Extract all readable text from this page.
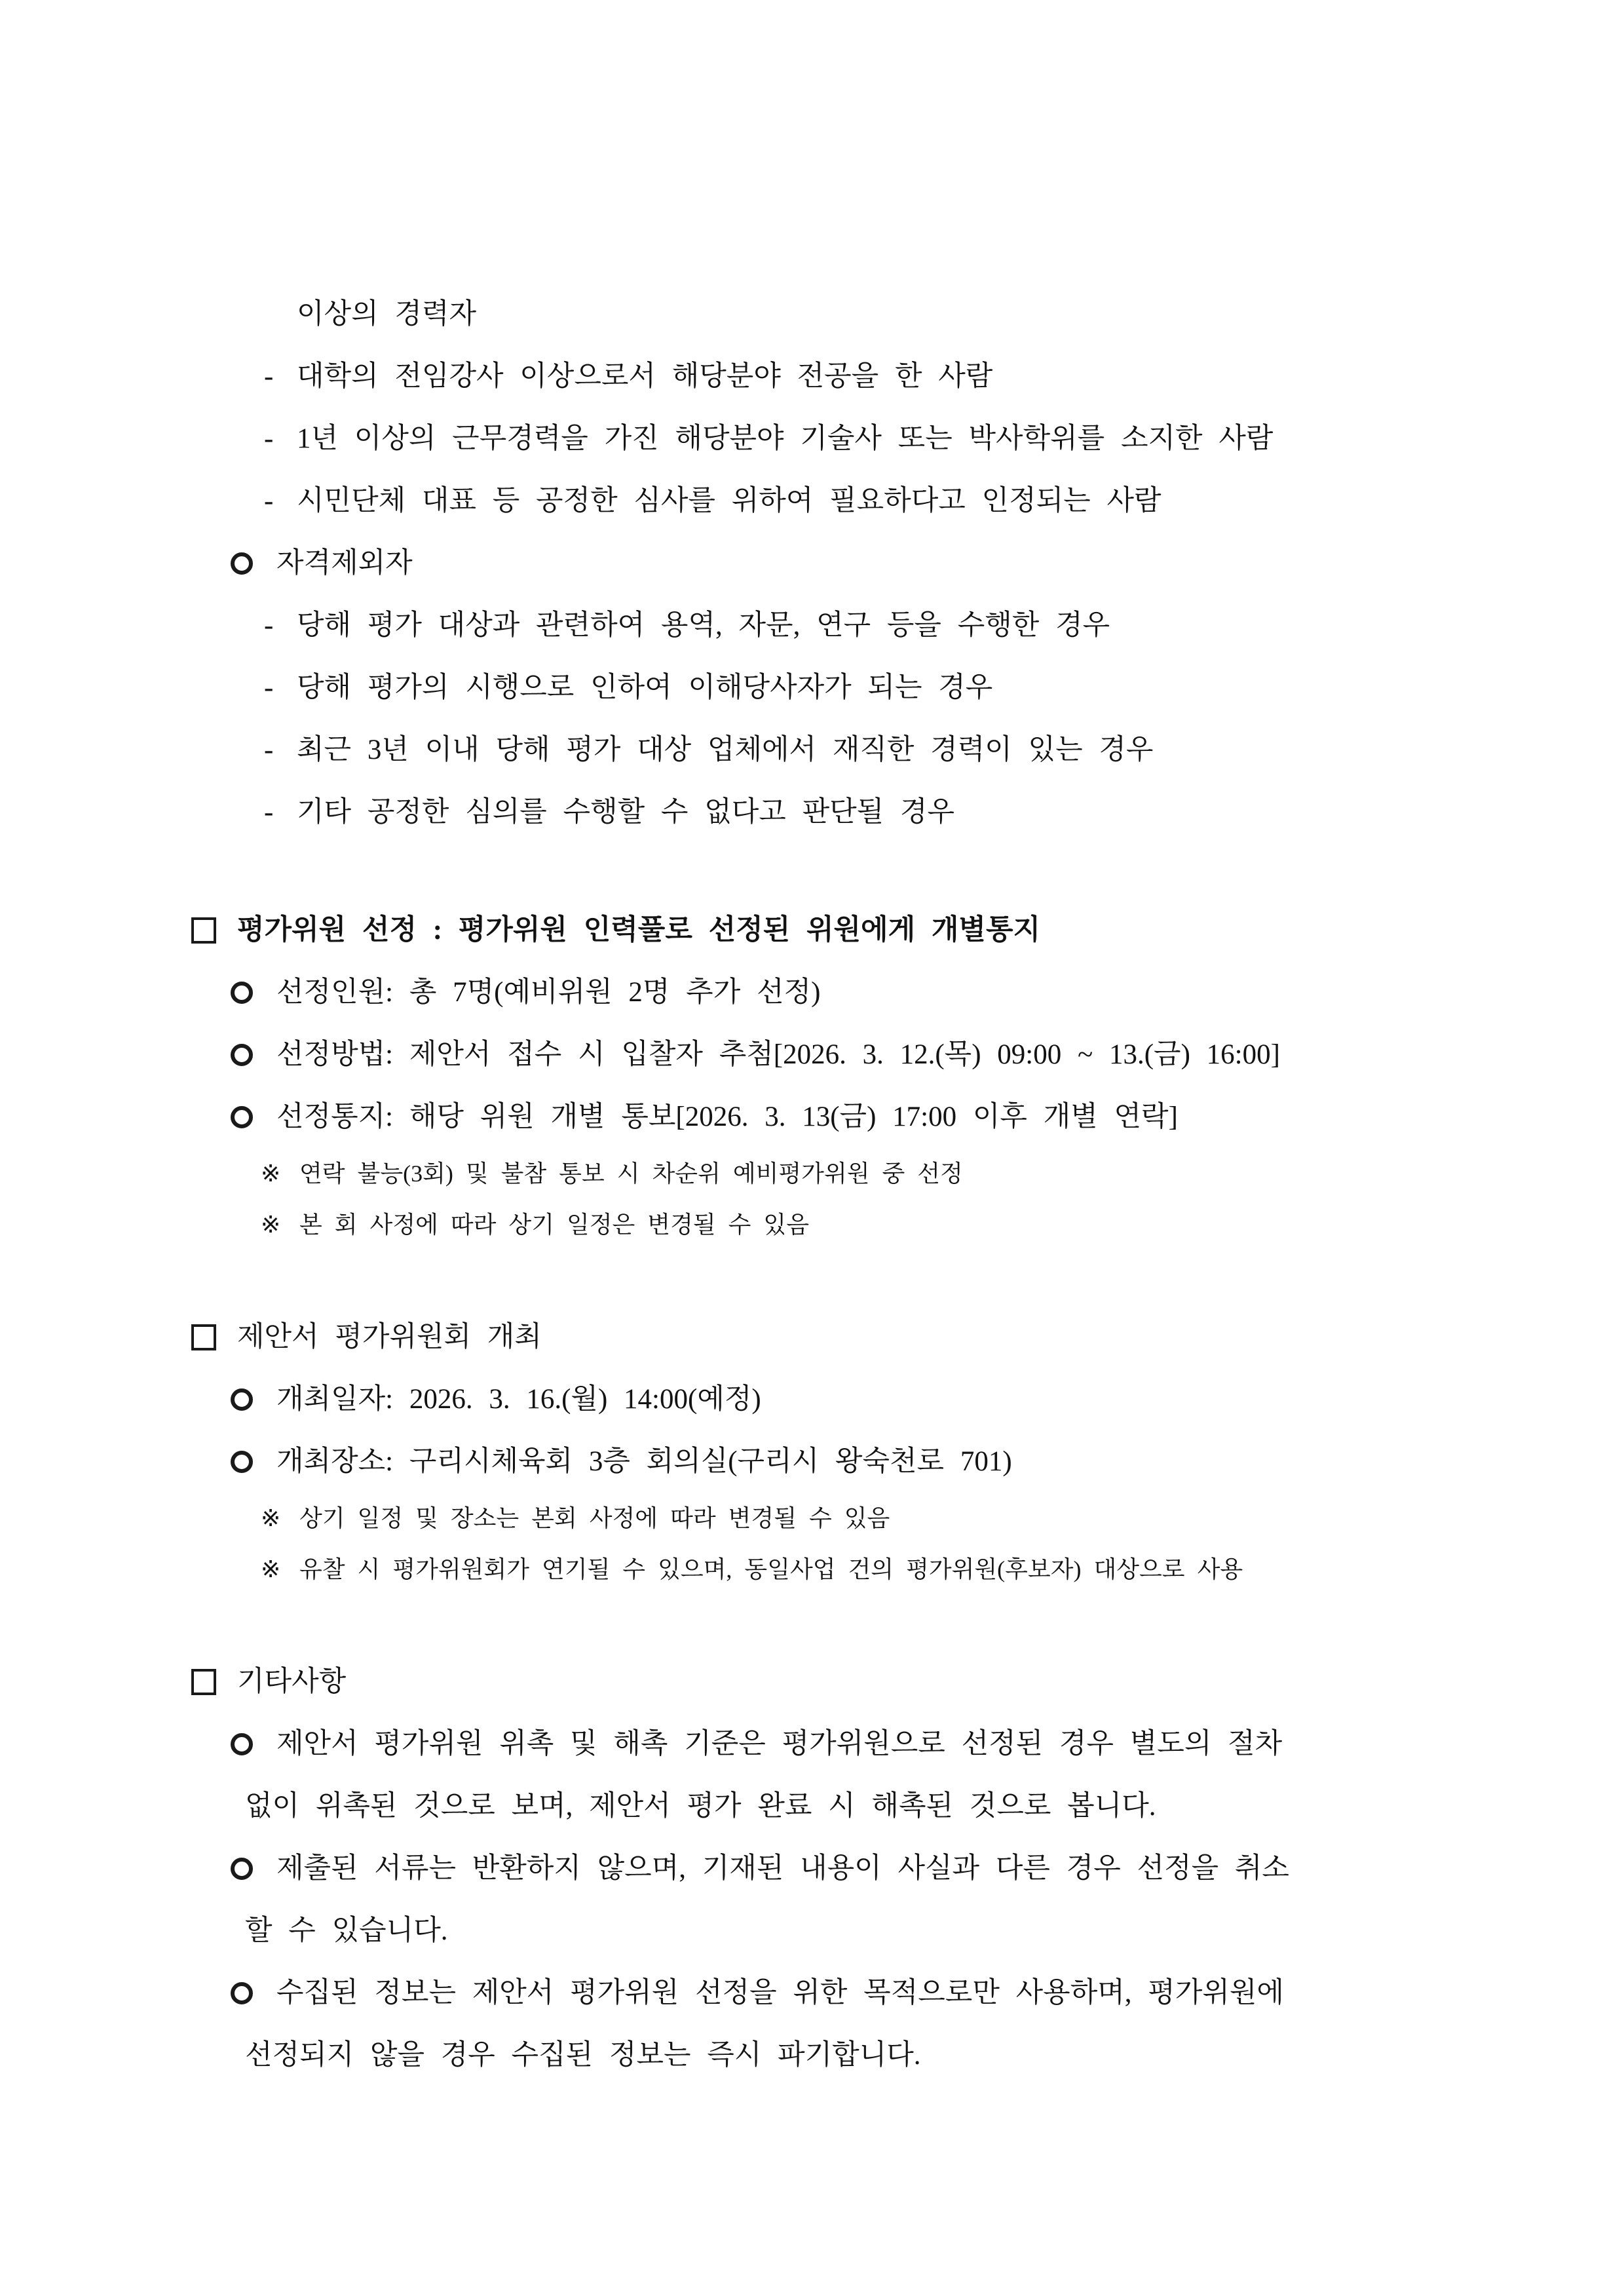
이상의 경력자
- 대학의 전임강사 이상으로서 해당분야 전공을 한 사람
- 1년 이상의 근무경력을 가진 해당분야 기술사 또는 박사학위를 소지한 사람
- 시민단체 대표 등 공정한 심사를 위하여 필요하다고 인정되는 사람
자격제외자
- 당해 평가 대상과 관련하여 용역, 자문, 연구 등을 수행한 경우
- 당해 평가의 시행으로 인하여 이해당사자가 되는 경우
- 최근 3년 이내 당해 평가 대상 업체에서 재직한 경력이 있는 경우
- 기타 공정한 심의를 수행할 수 없다고 판단될 경우
평가위원 선정 : 평가위원 인력풀로 선정된 위원에게 개별통지
선정인원: 총 7명(예비위원 2명 추가 선정)
선정방법: 제안서 접수 시 입찰자 추첨[2026. 3. 12.(목) 09:00 ~ 13.(금) 16:00]
선정통지: 해당 위원 개별 통보[2026. 3. 13(금) 17:00 이후 개별 연락]
※ 연락 불능(3회) 및 불참 통보 시 차순위 예비평가위원 중 선정
※ 본 회 사정에 따라 상기 일정은 변경될 수 있음
제안서 평가위원회 개최
개최일자: 2026. 3. 16.(월) 14:00(예정)
개최장소: 구리시체육회 3층 회의실(구리시 왕숙천로 701)
※ 상기 일정 및 장소는 본회 사정에 따라 변경될 수 있음
※ 유찰 시 평가위원회가 연기될 수 있으며, 동일사업 건의 평가위원(후보자) 대상으로 사용
기타사항
제안서 평가위원 위촉 및 해촉 기준은 평가위원으로 선정된 경우 별도의 절차
없이 위촉된 것으로 보며, 제안서 평가 완료 시 해촉된 것으로 봅니다.
제출된 서류는 반환하지 않으며, 기재된 내용이 사실과 다른 경우 선정을 취소
할 수 있습니다.
수집된 정보는 제안서 평가위원 선정을 위한 목적으로만 사용하며, 평가위원에
선정되지 않을 경우 수집된 정보는 즉시 파기합니다.
